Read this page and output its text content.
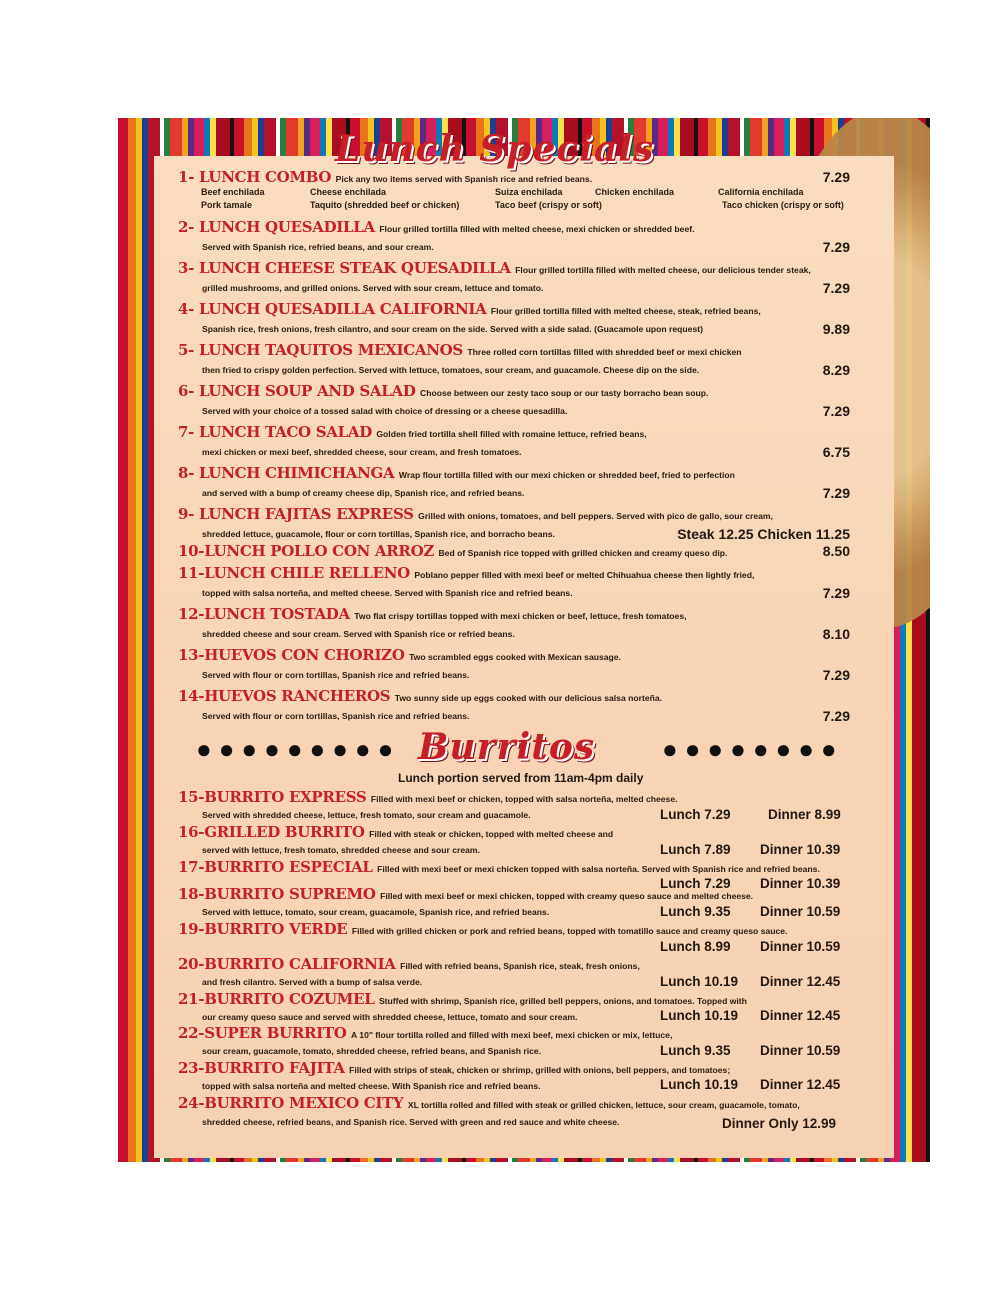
Lunch Specials
1- LUNCH COMBO Pick any two items served with Spanish rice and refried beans.	7.29
Beef enchilada	Cheese enchilada	Suiza enchilada	Chicken enchilada	California enchilada
Pork tamale	Taquito (shredded beef or chicken)	Taco beef (crispy or soft)	Taco chicken (crispy or soft)
2- LUNCH QUESADILLA Flour grilled tortilla filled with melted cheese, mexi chicken or shredded beef.
Served with Spanish rice, refried beans, and sour cream.	7.29
3- LUNCH CHEESE STEAK QUESADILLA Flour grilled tortilla filled with melted cheese, our delicious tender steak,
grilled mushrooms, and grilled onions. Served with sour cream, lettuce and tomato.	7.29
4- LUNCH QUESADILLA CALIFORNIA Flour grilled tortilla filled with melted cheese, steak, refried beans,
Spanish rice, fresh onions, fresh cilantro, and sour cream on the side. Served with a side salad. (Guacamole upon request)	9.89
5- LUNCH TAQUITOS MEXICANOS Three rolled corn tortillas filled with shredded beef or mexi chicken
then fried to crispy golden perfection. Served with lettuce, tomatoes, sour cream, and guacamole. Cheese dip on the side.	8.29
6- LUNCH SOUP AND SALAD Choose between our zesty taco soup or our tasty borracho bean soup.
Served with your choice of a tossed salad with choice of dressing or a cheese quesadilla.	7.29
7- LUNCH TACO SALAD Golden fried tortilla shell filled with romaine lettuce, refried beans,
mexi chicken or mexi beef, shredded cheese, sour cream, and fresh tomatoes.	6.75
8- LUNCH CHIMICHANGA Wrap flour tortilla filled with our mexi chicken or shredded beef, fried to perfection
and served with a bump of creamy cheese dip, Spanish rice, and refried beans.	7.29
9- LUNCH FAJITAS EXPRESS Grilled with onions, tomatoes, and bell peppers. Served with pico de gallo, sour cream,
shredded lettuce, guacamole, flour or corn tortillas, Spanish rice, and borracho beans.	Steak 12.25 Chicken 11.25
10-LUNCH POLLO CON ARROZ Bed of Spanish rice topped with grilled chicken and creamy queso dip.	8.50
11-LUNCH CHILE RELLENO Poblano pepper filled with mexi beef or melted Chihuahua cheese then lightly fried,
topped with salsa norteña, and melted cheese. Served with Spanish rice and refried beans.	7.29
12-LUNCH TOSTADA Two flat crispy tortillas topped with mexi chicken or beef, lettuce, fresh tomatoes,
shredded cheese and sour cream. Served with Spanish rice or refried beans.	8.10
13-HUEVOS CON CHORIZO Two scrambled eggs cooked with Mexican sausage.
Served with flour or corn tortillas, Spanish rice and refried beans.	7.29
14-HUEVOS RANCHEROS Two sunny side up eggs cooked with our delicious salsa norteña.
Served with flour or corn tortillas, Spanish rice and refried beans.	7.29
●●●●●●●●● Burritos	●●●●●●●●
Lunch portion served from 11am-4pm daily
15-BURRITO EXPRESS Filled with mexi beef or chicken, topped with salsa norteña, melted cheese.
Served with shredded cheese, lettuce, fresh tomato, sour cream and guacamole.	Lunch 7.29	Dinner 8.99
16-GRILLED BURRITO Filled with steak or chicken, topped with melted cheese and
served with lettuce, fresh tomato, shredded cheese and sour cream.	Lunch 7.89 Dinner 10.39
17-BURRITO ESPECIAL Filled with mexi beef or mexi chicken topped with salsa norteña. Served with Spanish rice and refried beans.
Lunch 7.29 Dinner 10.39
18-BURRITO SUPREMO Filled with mexi beef or mexi chicken, topped with creamy queso sauce and melted cheese.
Served with lettuce, tomato, sour cream, guacamole, Spanish rice, and refried beans.	Lunch 9.35 Dinner 10.59
19-BURRITO VERDE Filled with grilled chicken or pork and refried beans, topped with tomatillo sauce and creamy queso sauce.
Lunch 8.99 Dinner 10.59
20-BURRITO CALIFORNIA Filled with refried beans, Spanish rice, steak, fresh onions,
and fresh cilantro. Served with a bump of salsa verde.	Lunch 10.19 Dinner 12.45
21-BURRITO COZUMEL Stuffed with shrimp, Spanish rice, grilled bell peppers, onions, and tomatoes. Topped with
our creamy queso sauce and served with shredded cheese, lettuce, tomato and sour cream.	Lunch 10.19 Dinner 12.45
22-SUPER BURRITO A 10" flour tortilla rolled and filled with mexi beef, mexi chicken or mix, lettuce,
sour cream, guacamole, tomato, shredded cheese, refried beans, and Spanish rice.	Lunch 9.35 Dinner 10.59
23-BURRITO FAJITA Filled with strips of steak, chicken or shrimp, grilled with onions, bell peppers, and tomatoes;
topped with salsa norteña and melted cheese. With Spanish rice and refried beans.	Lunch 10.19 Dinner 12.45
24-BURRITO MEXICO CITY XL tortilla rolled and filled with steak or grilled chicken, lettuce, sour cream, guacamole, tomato,
shredded cheese, refried beans, and Spanish rice. Served with green and red sauce and white cheese.	Dinner Only 12.99
